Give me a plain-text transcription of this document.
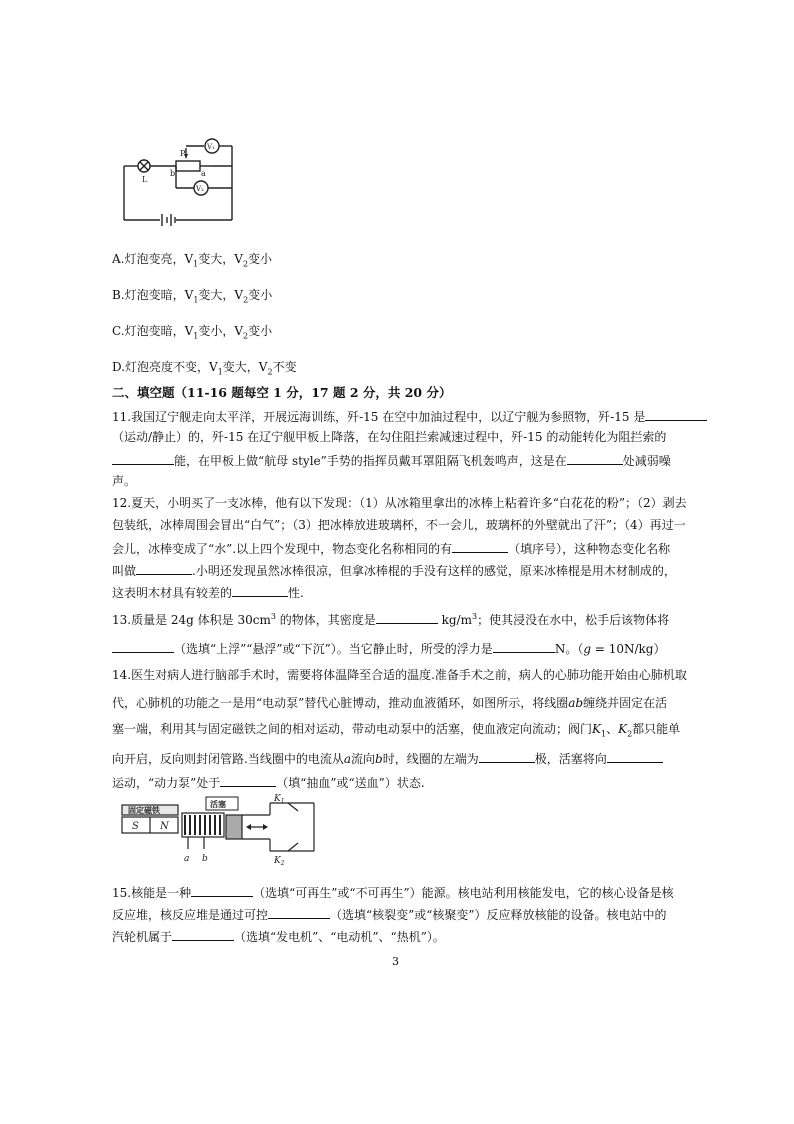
P
b	a
L
V₁
V₂
A.灯泡变亮，$V_1$变大，$V_2$变小
B.灯泡变暗，$V_1$变大，$V_2$变小
C.灯泡变暗，$V_1$变小，$V_2$变小
D.灯泡亮度不变，$V_1$变大，$V_2$不变
二、填空题（11-16 题每空 1 分，17 题 2 分，共 20 分）
11.我国辽宁舰走向太平洋，开展远海训练，歼-15 在空中加油过程中，以辽宁舰为参照物，歼-15 是
（运动/静止）的，歼-15 在辽宁舰甲板上降落，在勾住阻拦索减速过程中，歼-15 的动能转化为阻拦索的
能，在甲板上做“航母 style”手势的指挥员戴耳罩阻隔飞机轰鸣声，这是在	处减弱噪
声。
12.夏天，小明买了一支冰棒，他有以下发现：（1）从冰箱里拿出的冰棒上粘着许多“白花花的粉”；（2）剥去
包装纸，冰棒周围会冒出“白气”；（3）把冰棒放进玻璃杯，不一会儿，玻璃杯的外壁就出了汗”；（4）再过一
会儿，冰棒变成了“水”.以上四个发现中，物态变化名称相同的有	（填序号），这种物态变化名称
叫做	.小明还发现虽然冰棒很凉，但拿冰棒棍的手没有这样的感觉，原来冰棒棍是用木材制成的，
这表明木材具有较差的	性.
13.质量是 24g 体积是 $30cm^3$ 的物体，其密度是	$kg/m^3$；使其浸没在水中，松手后该物体将
（选填“上浮”“悬浮”或“下沉”）。当它静止时，所受的浮力是	N。（g = 10N/kg）
14.医生对病人进行脑部手术时，需要将体温降至合适的温度.准备手术之前，病人的心肺功能开始由心肺机取
代，心肺机的功能之一是用“电动泵”替代心脏博动，推动血液循环，如图所示，将线圈ab缠绕并固定在活
塞一端，利用其与固定磁铁之间的相对运动，带动电动泵中的活塞，使血液定向流动；阀门$K_1$、$K_2$都只能单
向开启，反向则封闭管路.当线圈中的电流从a流向b时，线圈的左端为	极，活塞将向
运动，“动力泵”处于	（填“抽血”或“送血”）状态.
活塞
固定磁铁
S N
$K_1$
$K_2$
a b
15.核能是一种	（选填“可再生”或“不可再生”）能源。核电站利用核能发电，它的核心设备是核
反应堆，核反应堆是通过可控	（选填“核裂变”或“核聚变”）反应释放核能的设备。核电站中的
汽轮机属于	（选填“发电机”、“电动机”、“热机”）。
3
